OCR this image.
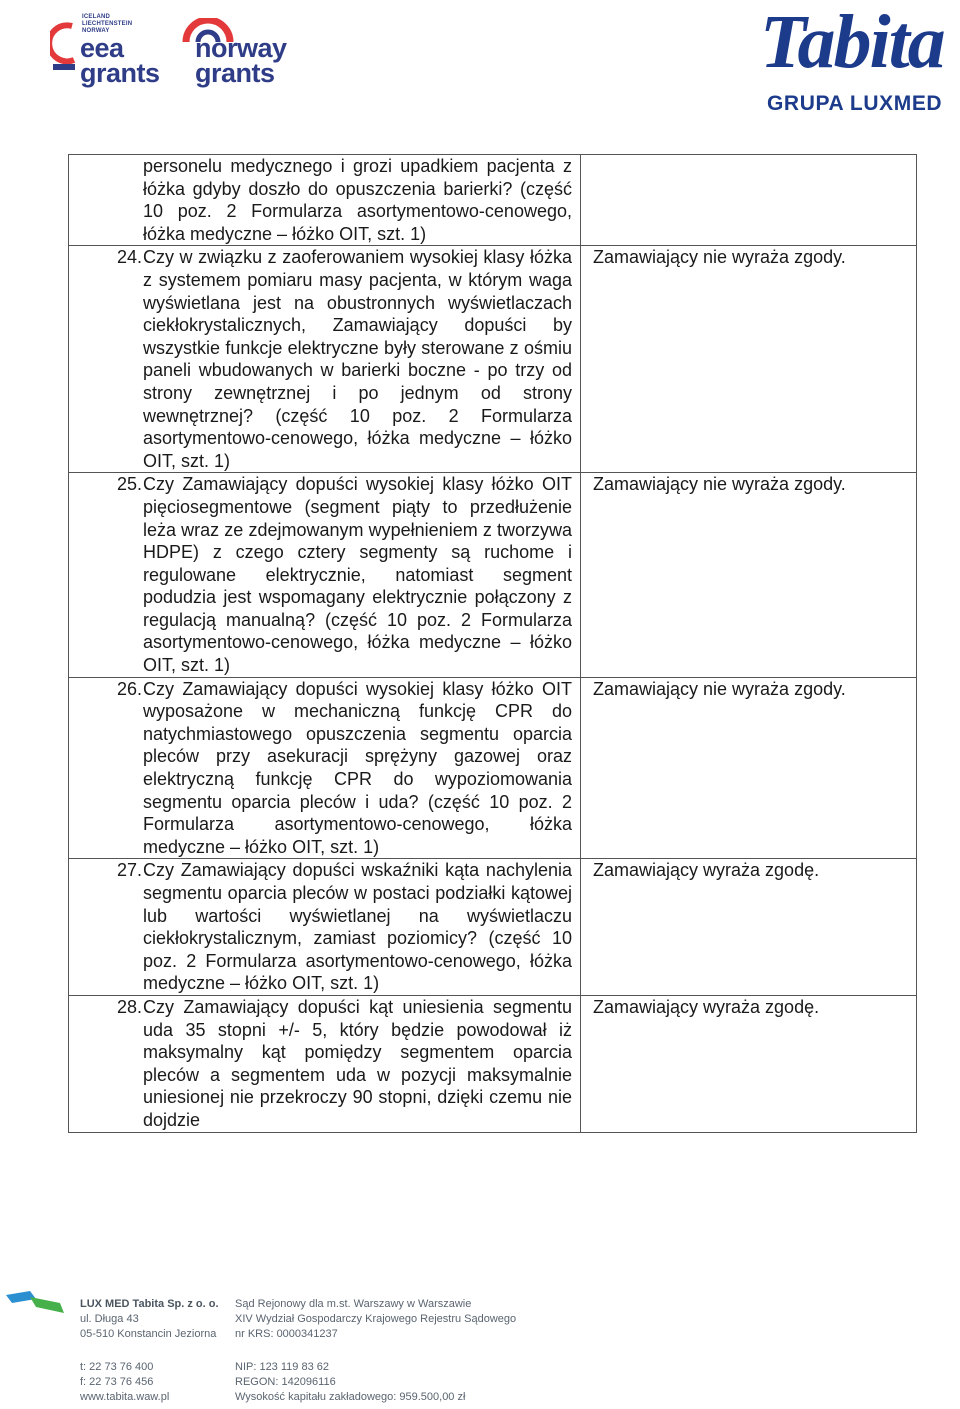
ICELAND
LIECHTENSTEIN
NORWAY
eea
grants
norway
grants	Tabita
GRUPA LUXMED
personelu medycznego i grozi upadkiem pacjenta z łóżka gdyby doszło do opuszczenia barierki? (część 10 poz. 2 Formularza asortymentowo-cenowego, łóżka medyczne – łóżko OIT, szt. 1)	

24. Czy w związku z zaoferowaniem wysokiej klasy łóżka z systemem pomiaru masy pacjenta, w którym waga wyświetlana jest na obustronnych wyświetlaczach ciekłokrystalicznych, Zamawiający dopuści by wszystkie funkcje elektryczne były sterowane z ośmiu paneli wbudowanych w barierki boczne - po trzy od strony zewnętrznej i po jednym od strony wewnętrznej? (część 10 poz. 2 Formularza asortymentowo-cenowego, łóżka medyczne – łóżko OIT, szt. 1)	Zamawiający nie wyraża zgody.

25. Czy Zamawiający dopuści wysokiej klasy łóżko OIT pięciosegmentowe (segment piąty to przedłużenie leża wraz ze zdejmowanym wypełnieniem z tworzywa HDPE) z czego cztery segmenty są ruchome i regulowane elektrycznie, natomiast segment podudzia jest wspomagany elektrycznie połączony z regulacją manualną? (część 10 poz. 2 Formularza asortymentowo-cenowego, łóżka medyczne – łóżko OIT, szt. 1)	Zamawiający nie wyraża zgody.

26. Czy Zamawiający dopuści wysokiej klasy łóżko OIT wyposażone w mechaniczną funkcję CPR do natychmiastowego opuszczenia segmentu oparcia pleców przy asekuracji sprężyny gazowej oraz elektryczną funkcję CPR do wypoziomowania segmentu oparcia pleców i uda? (część 10 poz. 2 Formularza asortymentowo-cenowego, łóżka medyczne – łóżko OIT, szt. 1)	Zamawiający nie wyraża zgody.

27. Czy Zamawiający dopuści wskaźniki kąta nachylenia segmentu oparcia pleców w postaci podziałki kątowej lub wartości wyświetlanej na wyświetlaczu ciekłokrystalicznym, zamiast poziomicy? (część 10 poz. 2 Formularza asortymentowo-cenowego, łóżka medyczne – łóżko OIT, szt. 1)	Zamawiający wyraża zgodę.

28. Czy Zamawiający dopuści kąt uniesienia segmentu uda 35 stopni +/- 5, który będzie powodował iż maksymalny kąt pomiędzy segmentem oparcia pleców a segmentem uda w pozycji maksymalnie uniesionej nie przekroczy 90 stopni, dzięki czemu nie dojdzie	Zamawiający wyraża zgodę.
LUX MED Tabita Sp. z o. o.
ul. Długa 43
05-510 Konstancin Jeziorna
Sąd Rejonowy dla m.st. Warszawy w Warszawie
XIV Wydział Gospodarczy Krajowego Rejestru Sądowego
nr KRS: 0000341237
t: 22 73 76 400
f: 22 73 76 456
www.tabita.waw.pl
NIP: 123 119 83 62
REGON: 142096116
Wysokość kapitału zakładowego: 959.500,00 zł
